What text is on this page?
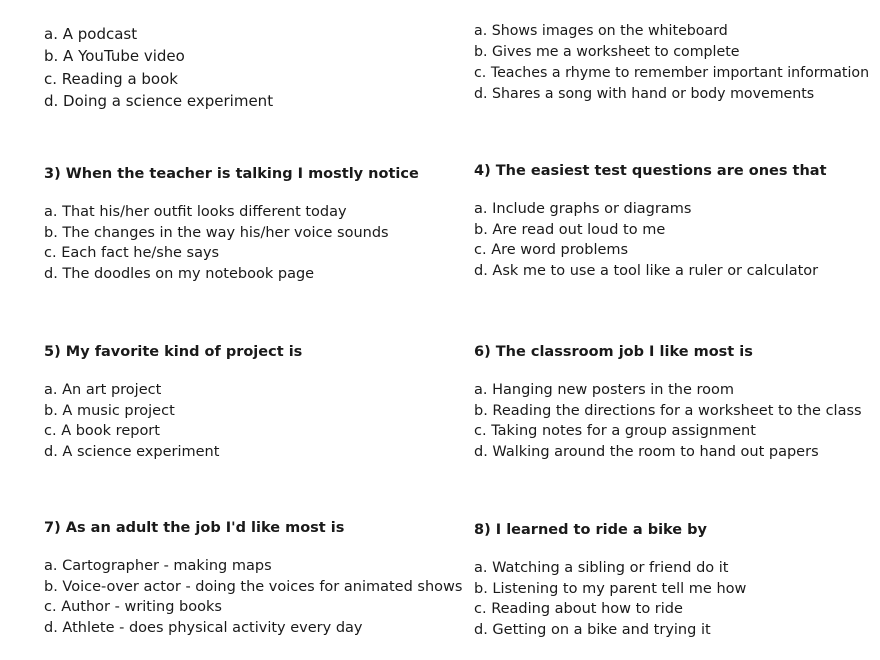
a. A podcast
b. A YouTube video
c. Reading a book
d. Doing a science experiment
a. Shows images on the whiteboard
b. Gives me a worksheet to complete
c. Teaches a rhyme to remember important information
d. Shares a song with hand or body movements
3) When the teacher is talking I mostly notice
a. That his/her outfit looks different today
b. The changes in the way his/her voice sounds
c. Each fact he/she says
d. The doodles on my notebook page
4) The easiest test questions are ones that
a. Include graphs or diagrams
b. Are read out loud to me
c. Are word problems
d. Ask me to use a tool like a ruler or calculator
5) My favorite kind of project is
a. An art project
b. A music project
c. A book report
d. A science experiment
6) The classroom job I like most is
a. Hanging new posters in the room
b. Reading the directions for a worksheet to the class
c. Taking notes for a group assignment
d. Walking around the room to hand out papers
7) As an adult the job I'd like most is
a. Cartographer - making maps
b. Voice-over actor - doing the voices for animated shows
c. Author - writing books
d. Athlete - does physical activity every day
8) I learned to ride a bike by
a. Watching a sibling or friend do it
b. Listening to my parent tell me how
c. Reading about how to ride
d. Getting on a bike and trying it
